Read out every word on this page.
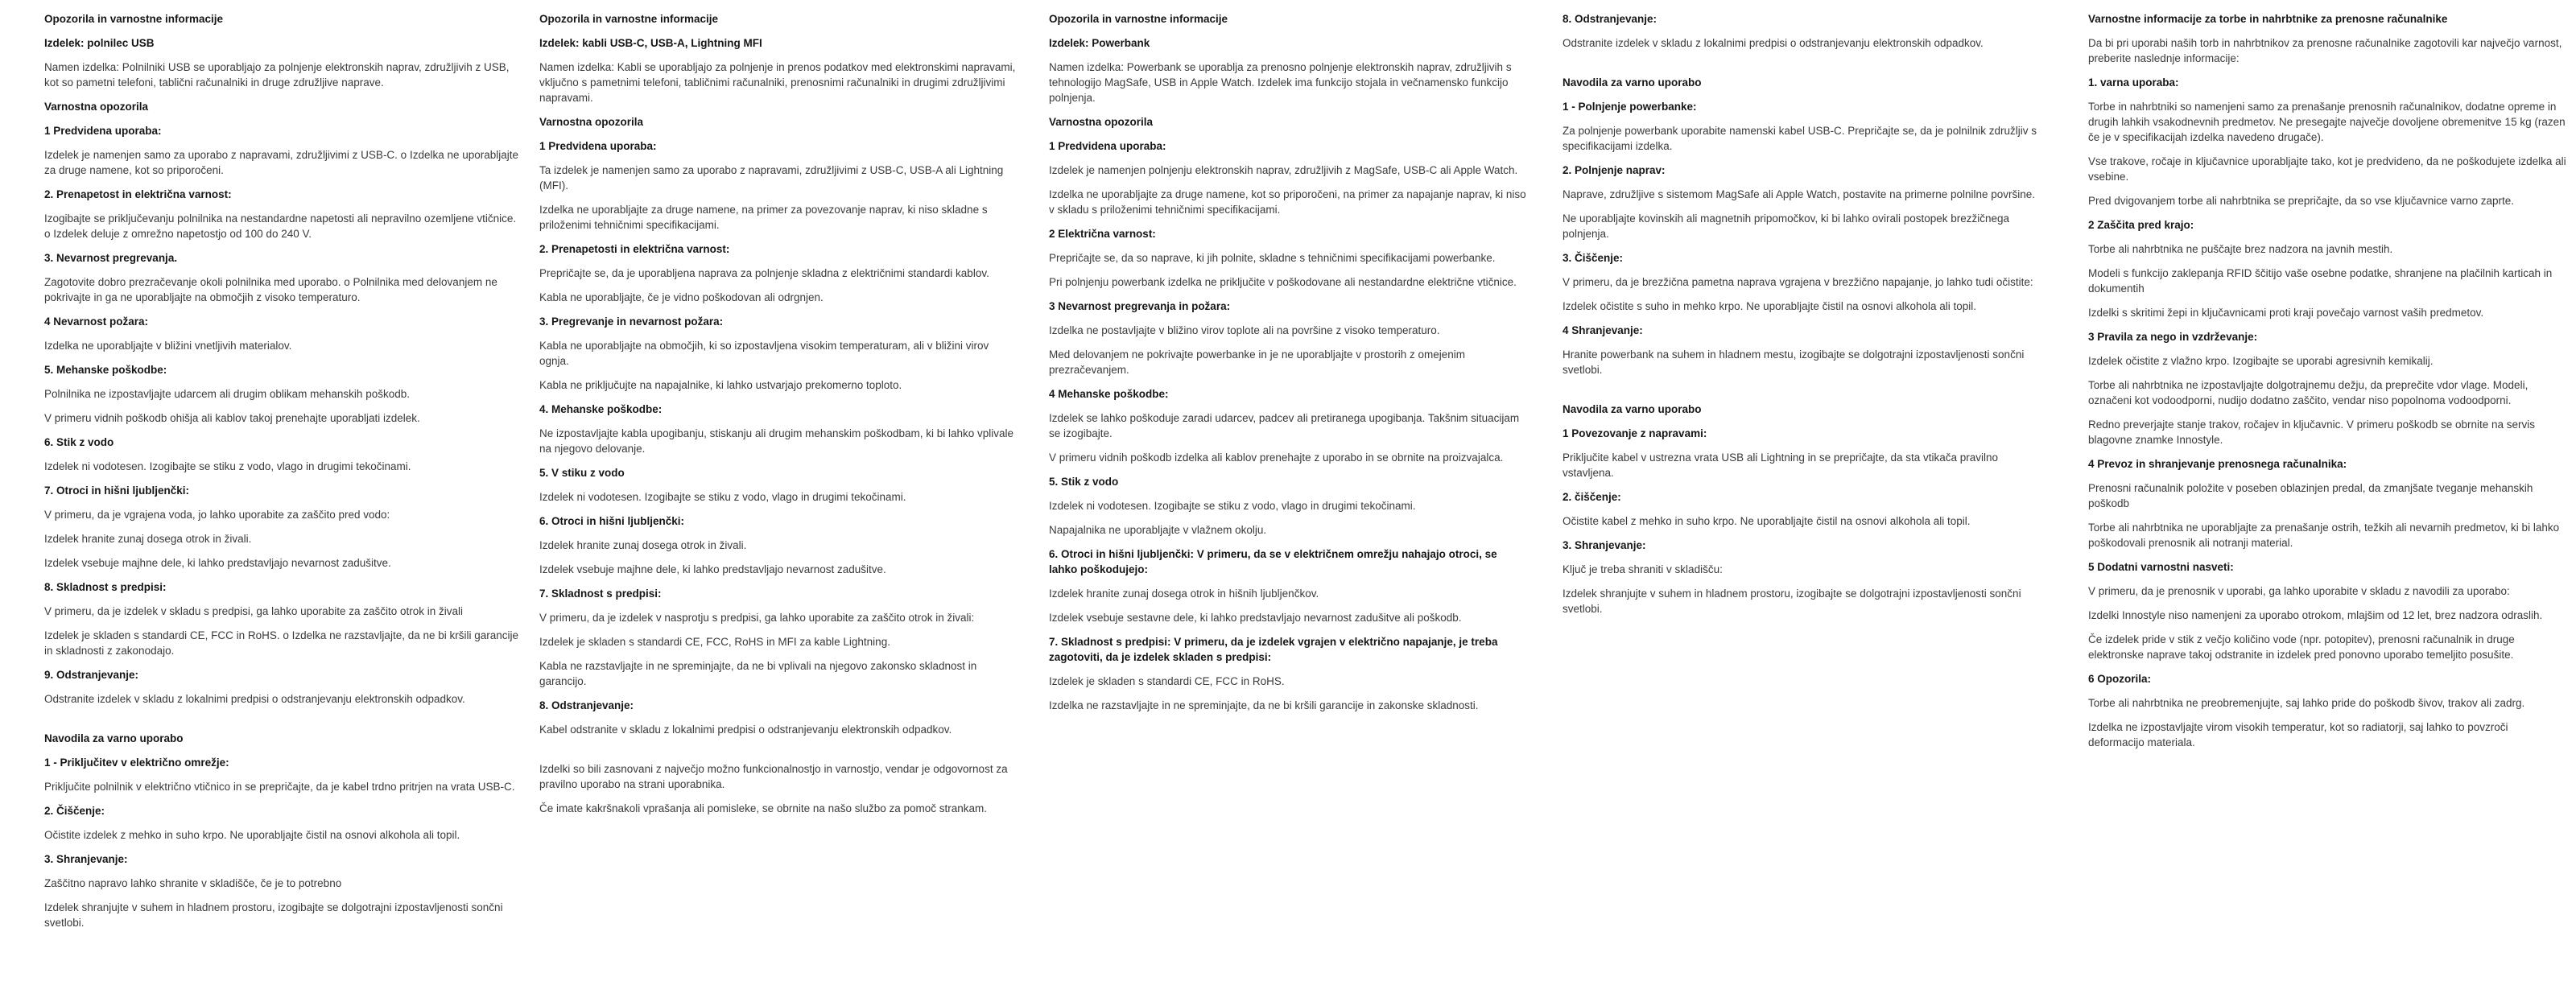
Opozorila in varnostne informacije
Izdelek: polnilec USB

Namen izdelka: Polnilniki USB se uporabljajo za polnjenje elektronskih naprav, združljivih z USB, kot so pametni telefoni, tablični računalniki in druge združljive naprave.

Varnostna opozorila
1 Predvidena uporaba:

Izdelek je namenjen samo za uporabo z napravami, združljivimi z USB-C. o Izdelka ne uporabljajte za druge namene, kot so priporočeni.

2. Prenapetost in električna varnost:

Izogibajte se priključevanju polnilnika na nestandardne napetosti ali nepravilno ozemljene vtičnice. o Izdelek deluje z omrežno napetostjo od 100 do 240 V.

3. Nevarnost pregrevanja.

Zagotovite dobro prezračevanje okoli polnilnika med uporabo. o Polnilnika med delovanjem ne pokrivajte in ga ne uporabljajte na območjih z visoko temperaturo.

4 Nevarnost požara:

Izdelka ne uporabljajte v bližini vnetljivih materialov.

5. Mehanske poškodbe:

Polnilnika ne izpostavljajte udarcem ali drugim oblikam mehanskih poškodb.

V primeru vidnih poškodb ohišja ali kablov takoj prenehajte uporabljati izdelek.

6. Stik z vodo

Izdelek ni vodotesen. Izogibajte se stiku z vodo, vlago in drugimi tekočinami.

7. Otroci in hišni ljubljenčki:

V primeru, da je vgrajena voda, jo lahko uporabite za zaščito pred vodo:

Izdelek hranite zunaj dosega otrok in živali.

Izdelek vsebuje majhne dele, ki lahko predstavljajo nevarnost zadušitve.

8. Skladnost s predpisi:

V primeru, da je izdelek v skladu s predpisi, ga lahko uporabite za zaščito otrok in živali

Izdelek je skladen s standardi CE, FCC in RoHS. o Izdelka ne razstavljajte, da ne bi kršili garancije in skladnosti z zakonodajo.

9. Odstranjevanje:

Odstranite izdelek v skladu z lokalnimi predpisi o odstranjevanju elektronskih odpadkov.

Navodila za varno uporabo
1 - Priključitev v električno omrežje:

Priključite polnilnik v električno vtičnico in se prepričajte, da je kabel trdno pritrjen na vrata USB-C.

2. Čiščenje:

Očistite izdelek z mehko in suho krpo. Ne uporabljajte čistil na osnovi alkohola ali topil.

3. Shranjevanje:

Zaščitno napravo lahko shranite v skladišče, če je to potrebno

Izdelek shranjujte v suhem in hladnem prostoru, izogibajte se dolgotrajni izpostavljenosti sončni svetlobi.

Opozorila in varnostne informacije
Izdelek: kabli USB-C, USB-A, Lightning MFI

Namen izdelka: Kabli se uporabljajo za polnjenje in prenos podatkov med elektronskimi napravami, vključno s pametnimi telefoni, tabličnimi računalniki, prenosnimi računalniki in drugimi združljivimi napravami.

Varnostna opozorila
1 Predvidena uporaba:

Ta izdelek je namenjen samo za uporabo z napravami, združljivimi z USB-C, USB-A ali Lightning (MFI).

Izdelka ne uporabljajte za druge namene, na primer za povezovanje naprav, ki niso skladne s priloženimi tehničnimi specifikacijami.

2. Prenapetosti in električna varnost:

Prepričajte se, da je uporabljena naprava za polnjenje skladna z električnimi standardi kablov.

Kabla ne uporabljajte, če je vidno poškodovan ali odrgnjen.

3. Pregrevanje in nevarnost požara:

Kabla ne uporabljajte na območjih, ki so izpostavljena visokim temperaturam, ali v bližini virov ognja.

Kabla ne priključujte na napajalnike, ki lahko ustvarjajo prekomerno toploto.

4. Mehanske poškodbe:

Ne izpostavljajte kabla upogibanju, stiskanju ali drugim mehanskim poškodbam, ki bi lahko vplivale na njegovo delovanje.

5. V stiku z vodo

Izdelek ni vodotesen. Izogibajte se stiku z vodo, vlago in drugimi tekočinami.

6. Otroci in hišni ljubljenčki:

Izdelek hranite zunaj dosega otrok in živali.

Izdelek vsebuje majhne dele, ki lahko predstavljajo nevarnost zadušitve.

7. Skladnost s predpisi:

V primeru, da je izdelek v nasprotju s predpisi, ga lahko uporabite za zaščito otrok in živali:

Izdelek je skladen s standardi CE, FCC, RoHS in MFI za kable Lightning.

Kabla ne razstavljajte in ne spreminjajte, da ne bi vplivali na njegovo zakonsko skladnost in garancijo.

8. Odstranjevanje:

Kabel odstranite v skladu z lokalnimi predpisi o odstranjevanju elektronskih odpadkov.

Izdelki so bili zasnovani z največjo možno funkcionalnostjo in varnostjo, vendar je odgovornost za pravilno uporabo na strani uporabnika.

Če imate kakršnakoli vprašanja ali pomisleke, se obrnite na našo službo za pomoč strankam.

Opozorila in varnostne informacije
Izdelek: Powerbank

Namen izdelka: Powerbank se uporablja za prenosno polnjenje elektronskih naprav, združljivih s tehnologijo MagSafe, USB in Apple Watch. Izdelek ima funkcijo stojala in večnamensko funkcijo polnjenja.

Varnostna opozorila
1 Predvidena uporaba:

Izdelek je namenjen polnjenju elektronskih naprav, združljivih z MagSafe, USB-C ali Apple Watch.

Izdelka ne uporabljajte za druge namene, kot so priporočeni, na primer za napajanje naprav, ki niso v skladu s priloženimi tehničnimi specifikacijami.

2 Električna varnost:

Prepričajte se, da so naprave, ki jih polnite, skladne s tehničnimi specifikacijami powerbanke.

Pri polnjenju powerbank izdelka ne priključite v poškodovane ali nestandardne električne vtičnice.

3 Nevarnost pregrevanja in požara:

Izdelka ne postavljajte v bližino virov toplote ali na površine z visoko temperaturo.

Med delovanjem ne pokrivajte powerbanke in je ne uporabljajte v prostorih z omejenim prezračevanjem.

4 Mehanske poškodbe:

Izdelek se lahko poškoduje zaradi udarcev, padcev ali pretiranega upogibanja. Takšnim situacijam se izogibajte.

V primeru vidnih poškodb izdelka ali kablov prenehajte z uporabo in se obrnite na proizvajalca.

5. Stik z vodo

Izdelek ni vodotesen. Izogibajte se stiku z vodo, vlago in drugimi tekočinami.

Napajalnika ne uporabljajte v vlažnem okolju.

6. Otroci in hišni ljubljenčki: V primeru, da se v električnem omrežju nahajajo otroci, se lahko poškodujejo:

Izdelek hranite zunaj dosega otrok in hišnih ljubljenčkov.

Izdelek vsebuje sestavne dele, ki lahko predstavljajo nevarnost zadušitve ali poškodb.

7. Skladnost s predpisi: V primeru, da je izdelek vgrajen v električno napajanje, je treba zagotoviti, da je izdelek skladen s predpisi:

Izdelek je skladen s standardi CE, FCC in RoHS.

Izdelka ne razstavljajte in ne spreminjajte, da ne bi kršili garancije in zakonske skladnosti.

8. Odstranjevanje:

Odstranite izdelek v skladu z lokalnimi predpisi o odstranjevanju elektronskih odpadkov.

Navodila za varno uporabo
1 - Polnjenje powerbanke:

Za polnjenje powerbank uporabite namenski kabel USB-C. Prepričajte se, da je polnilnik združljiv s specifikacijami izdelka.

2. Polnjenje naprav:

Naprave, združljive s sistemom MagSafe ali Apple Watch, postavite na primerne polnilne površine.

Ne uporabljajte kovinskih ali magnetnih pripomočkov, ki bi lahko ovirali postopek brezžičnega polnjenja.

3. Čiščenje:

V primeru, da je brezžična pametna naprava vgrajena v brezžično napajanje, jo lahko tudi očistite:

Izdelek očistite s suho in mehko krpo. Ne uporabljajte čistil na osnovi alkohola ali topil.

4 Shranjevanje:

Hranite powerbank na suhem in hladnem mestu, izogibajte se dolgotrajni izpostavljenosti sončni svetlobi.

Navodila za varno uporabo
1 Povezovanje z napravami:

Priključite kabel v ustrezna vrata USB ali Lightning in se prepričajte, da sta vtikača pravilno vstavljena.

2. čiščenje:

Očistite kabel z mehko in suho krpo. Ne uporabljajte čistil na osnovi alkohola ali topil.

3. Shranjevanje:

Ključ je treba shraniti v skladišču:

Izdelek shranjujte v suhem in hladnem prostoru, izogibajte se dolgotrajni izpostavljenosti sončni svetlobi.

Varnostne informacije za torbe in nahrbtnike za prenosne računalnike

Da bi pri uporabi naših torb in nahrbtnikov za prenosne računalnike zagotovili kar največjo varnost, preberite naslednje informacije:

1. varna uporaba:

Torbe in nahrbtniki so namenjeni samo za prenašanje prenosnih računalnikov, dodatne opreme in drugih lahkih vsakodnevnih predmetov. Ne presegajte največje dovoljene obremenitve 15 kg (razen če je v specifikacijah izdelka navedeno drugače).

Vse trakove, ročaje in ključavnice uporabljajte tako, kot je predvideno, da ne poškodujete izdelka ali vsebine.

Pred dvigovanjem torbe ali nahrbtnika se prepričajte, da so vse ključavnice varno zaprte.

2 Zaščita pred krajo:

Torbe ali nahrbtnika ne puščajte brez nadzora na javnih mestih.

Modeli s funkcijo zaklepanja RFID ščitijo vaše osebne podatke, shranjene na plačilnih karticah in dokumentih

Izdelki s skritimi žepi in ključavnicami proti kraji povečajo varnost vaših predmetov.

3 Pravila za nego in vzdrževanje:

Izdelek očistite z vlažno krpo. Izogibajte se uporabi agresivnih kemikalij.

Torbe ali nahrbtnika ne izpostavljajte dolgotrajnemu dežju, da preprečite vdor vlage. Modeli, označeni kot vodoodporni, nudijo dodatno zaščito, vendar niso popolnoma vodoodporni.

Redno preverjajte stanje trakov, ročajev in ključavnic. V primeru poškodb se obrnite na servis blagovne znamke Innostyle.

4 Prevoz in shranjevanje prenosnega računalnika:

Prenosni računalnik položite v poseben oblazinjen predal, da zmanjšate tveganje mehanskih poškodb

Torbe ali nahrbtnika ne uporabljajte za prenašanje ostrih, težkih ali nevarnih predmetov, ki bi lahko poškodovali prenosnik ali notranji material.

5 Dodatni varnostni nasveti:

V primeru, da je prenosnik v uporabi, ga lahko uporabite v skladu z navodili za uporabo:

Izdelki Innostyle niso namenjeni za uporabo otrokom, mlajšim od 12 let, brez nadzora odraslih.

Če izdelek pride v stik z večjo količino vode (npr. potopitev), prenosni računalnik in druge elektronske naprave takoj odstranite in izdelek pred ponovno uporabo temeljito posušite.

6 Opozorila:

Torbe ali nahrbtnika ne preobremenjujte, saj lahko pride do poškodb šivov, trakov ali zadrg.

Izdelka ne izpostavljajte virom visokih temperatur, kot so radiatorji, saj lahko to povzroči deformacijo materiala.
